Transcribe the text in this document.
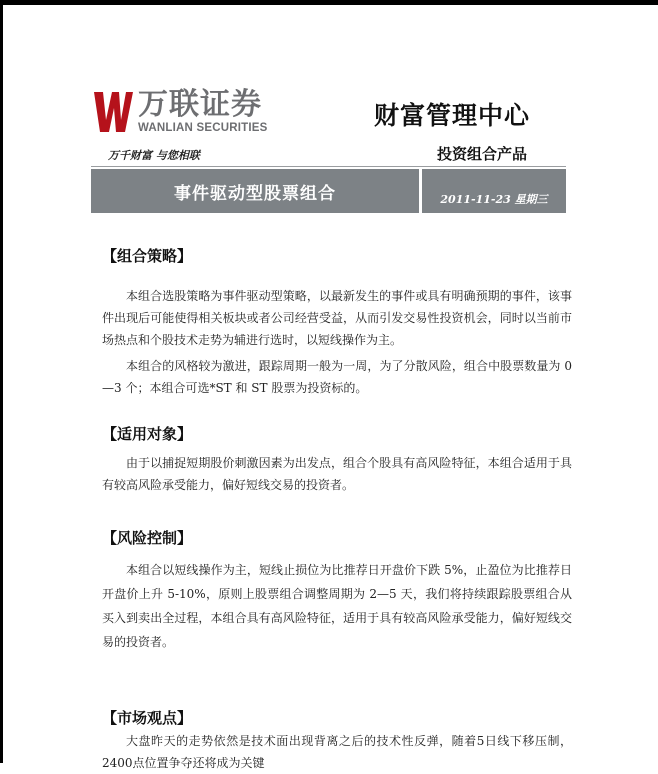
万联证券
WANLIAN SECURITIES
万千财富 与您相联
财富管理中心
投资组合产品
事件驱动型股票组合	2011-11-23 星期三

【组合策略】

本组合选股策略为事件驱动型策略，以最新发生的事件或具有明确预期的事件，该事件出现后可能使得相关板块或者公司经营受益，从而引发交易性投资机会，同时以当前市场热点和个股技术走势为辅进行选时，以短线操作为主。

本组合的风格较为激进，跟踪周期一般为一周，为了分散风险，组合中股票数量为 0—3 个；本组合可选*ST 和 ST 股票为投资标的。

【适用对象】

由于以捕捉短期股价刺激因素为出发点，组合个股具有高风险特征，本组合适用于具有较高风险承受能力，偏好短线交易的投资者。

【风险控制】

本组合以短线操作为主，短线止损位为比推荐日开盘价下跌 5%，止盈位为比推荐日开盘价上升 5-10%，原则上股票组合调整周期为 2—5 天，我们将持续跟踪股票组合从买入到卖出全过程，本组合具有高风险特征，适用于具有较高风险承受能力，偏好短线交易的投资者。

【市场观点】

大盘昨天的走势依然是技术面出现背离之后的技术性反弹，随着5日线下移压制，2400点位置争夺还将成为关键
